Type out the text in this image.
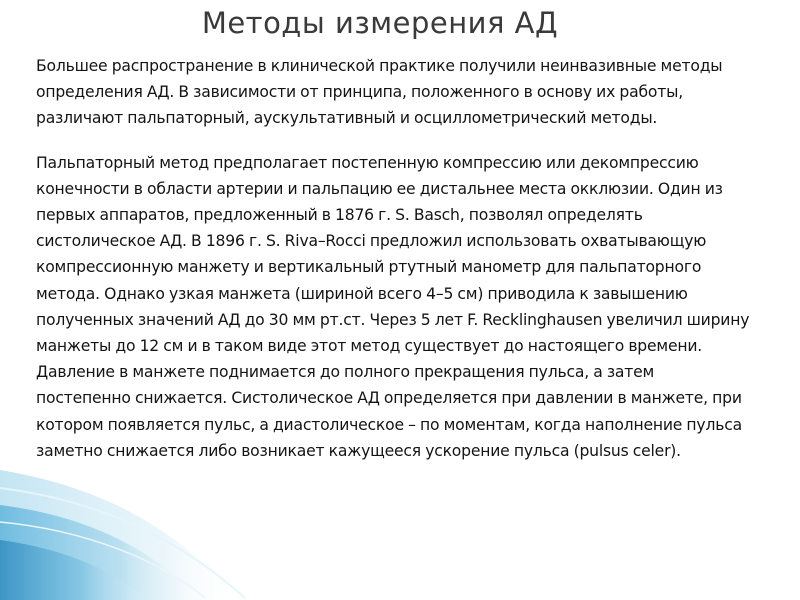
Методы измерения АД

Большее распространение в клинической практике получили неинвазивные методы определения АД. В зависимости от принципа, положенного в основу их работы, различают пальпаторный, аускультативный и осциллометрический методы.

Пальпаторный метод предполагает постепенную компрессию или декомпрессию конечности в области артерии и пальпацию ее дистальнее места окклюзии. Один из первых аппаратов, предложенный в 1876 г. S. Basch, позволял определять систолическое АД. В 1896 г. S. Riva–Rocci предложил использовать охватывающую компрессионную манжету и вертикальный ртутный манометр для пальпаторного метода. Однако узкая манжета (шириной всего 4–5 см) приводила к завышению полученных значений АД до 30 мм рт.ст. Через 5 лет F. Recklinghausen увеличил ширину манжеты до 12 см и в таком виде этот метод существует до настоящего времени. Давление в манжете поднимается до полного прекращения пульса, а затем постепенно снижается. Систолическое АД определяется при давлении в манжете, при котором появляется пульс, а диастолическое – по моментам, когда наполнение пульса заметно снижается либо возникает кажущееся ускорение пульса (pulsus celer).
